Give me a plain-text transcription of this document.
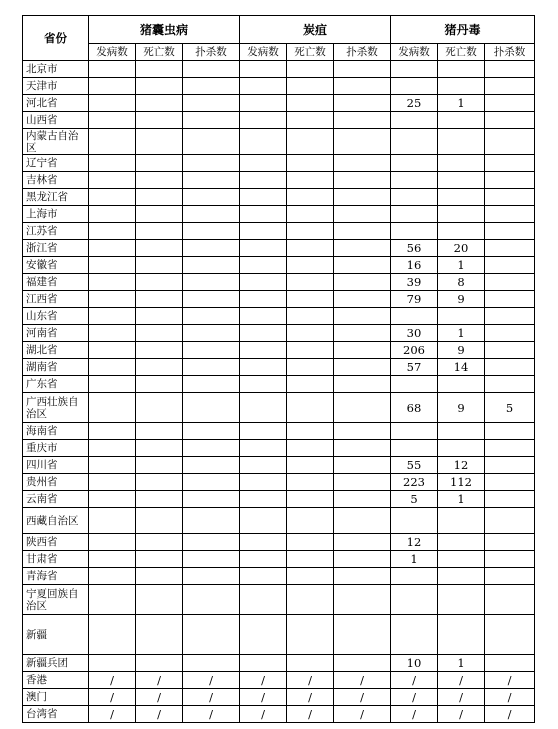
省份	猪囊虫病			炭疽			猪丹毒		
	发病数	死亡数	扑杀数	发病数	死亡数	扑杀数	发病数	死亡数	扑杀数
北京市									
天津市									
河北省							25	1	
山西省									
内蒙古自治区									
辽宁省									
吉林省									
黑龙江省									
上海市									
江苏省									
浙江省							56	20	
安徽省							16	1	
福建省							39	8	
江西省							79	9	
山东省									
河南省							30	1	
湖北省							206	9	
湖南省							57	14	
广东省									
广西壮族自治区							68	9	5
海南省									
重庆市									
四川省							55	12	
贵州省							223	112	
云南省							5	1	
西藏自治区									
陕西省							12		
甘肃省							1		
青海省									
宁夏回族自治区									
新疆									
新疆兵团							10	1	
香港	/	/	/	/	/	/	/	/	/
澳门	/	/	/	/	/	/	/	/	/
台湾省	/	/	/	/	/	/	/	/	/
